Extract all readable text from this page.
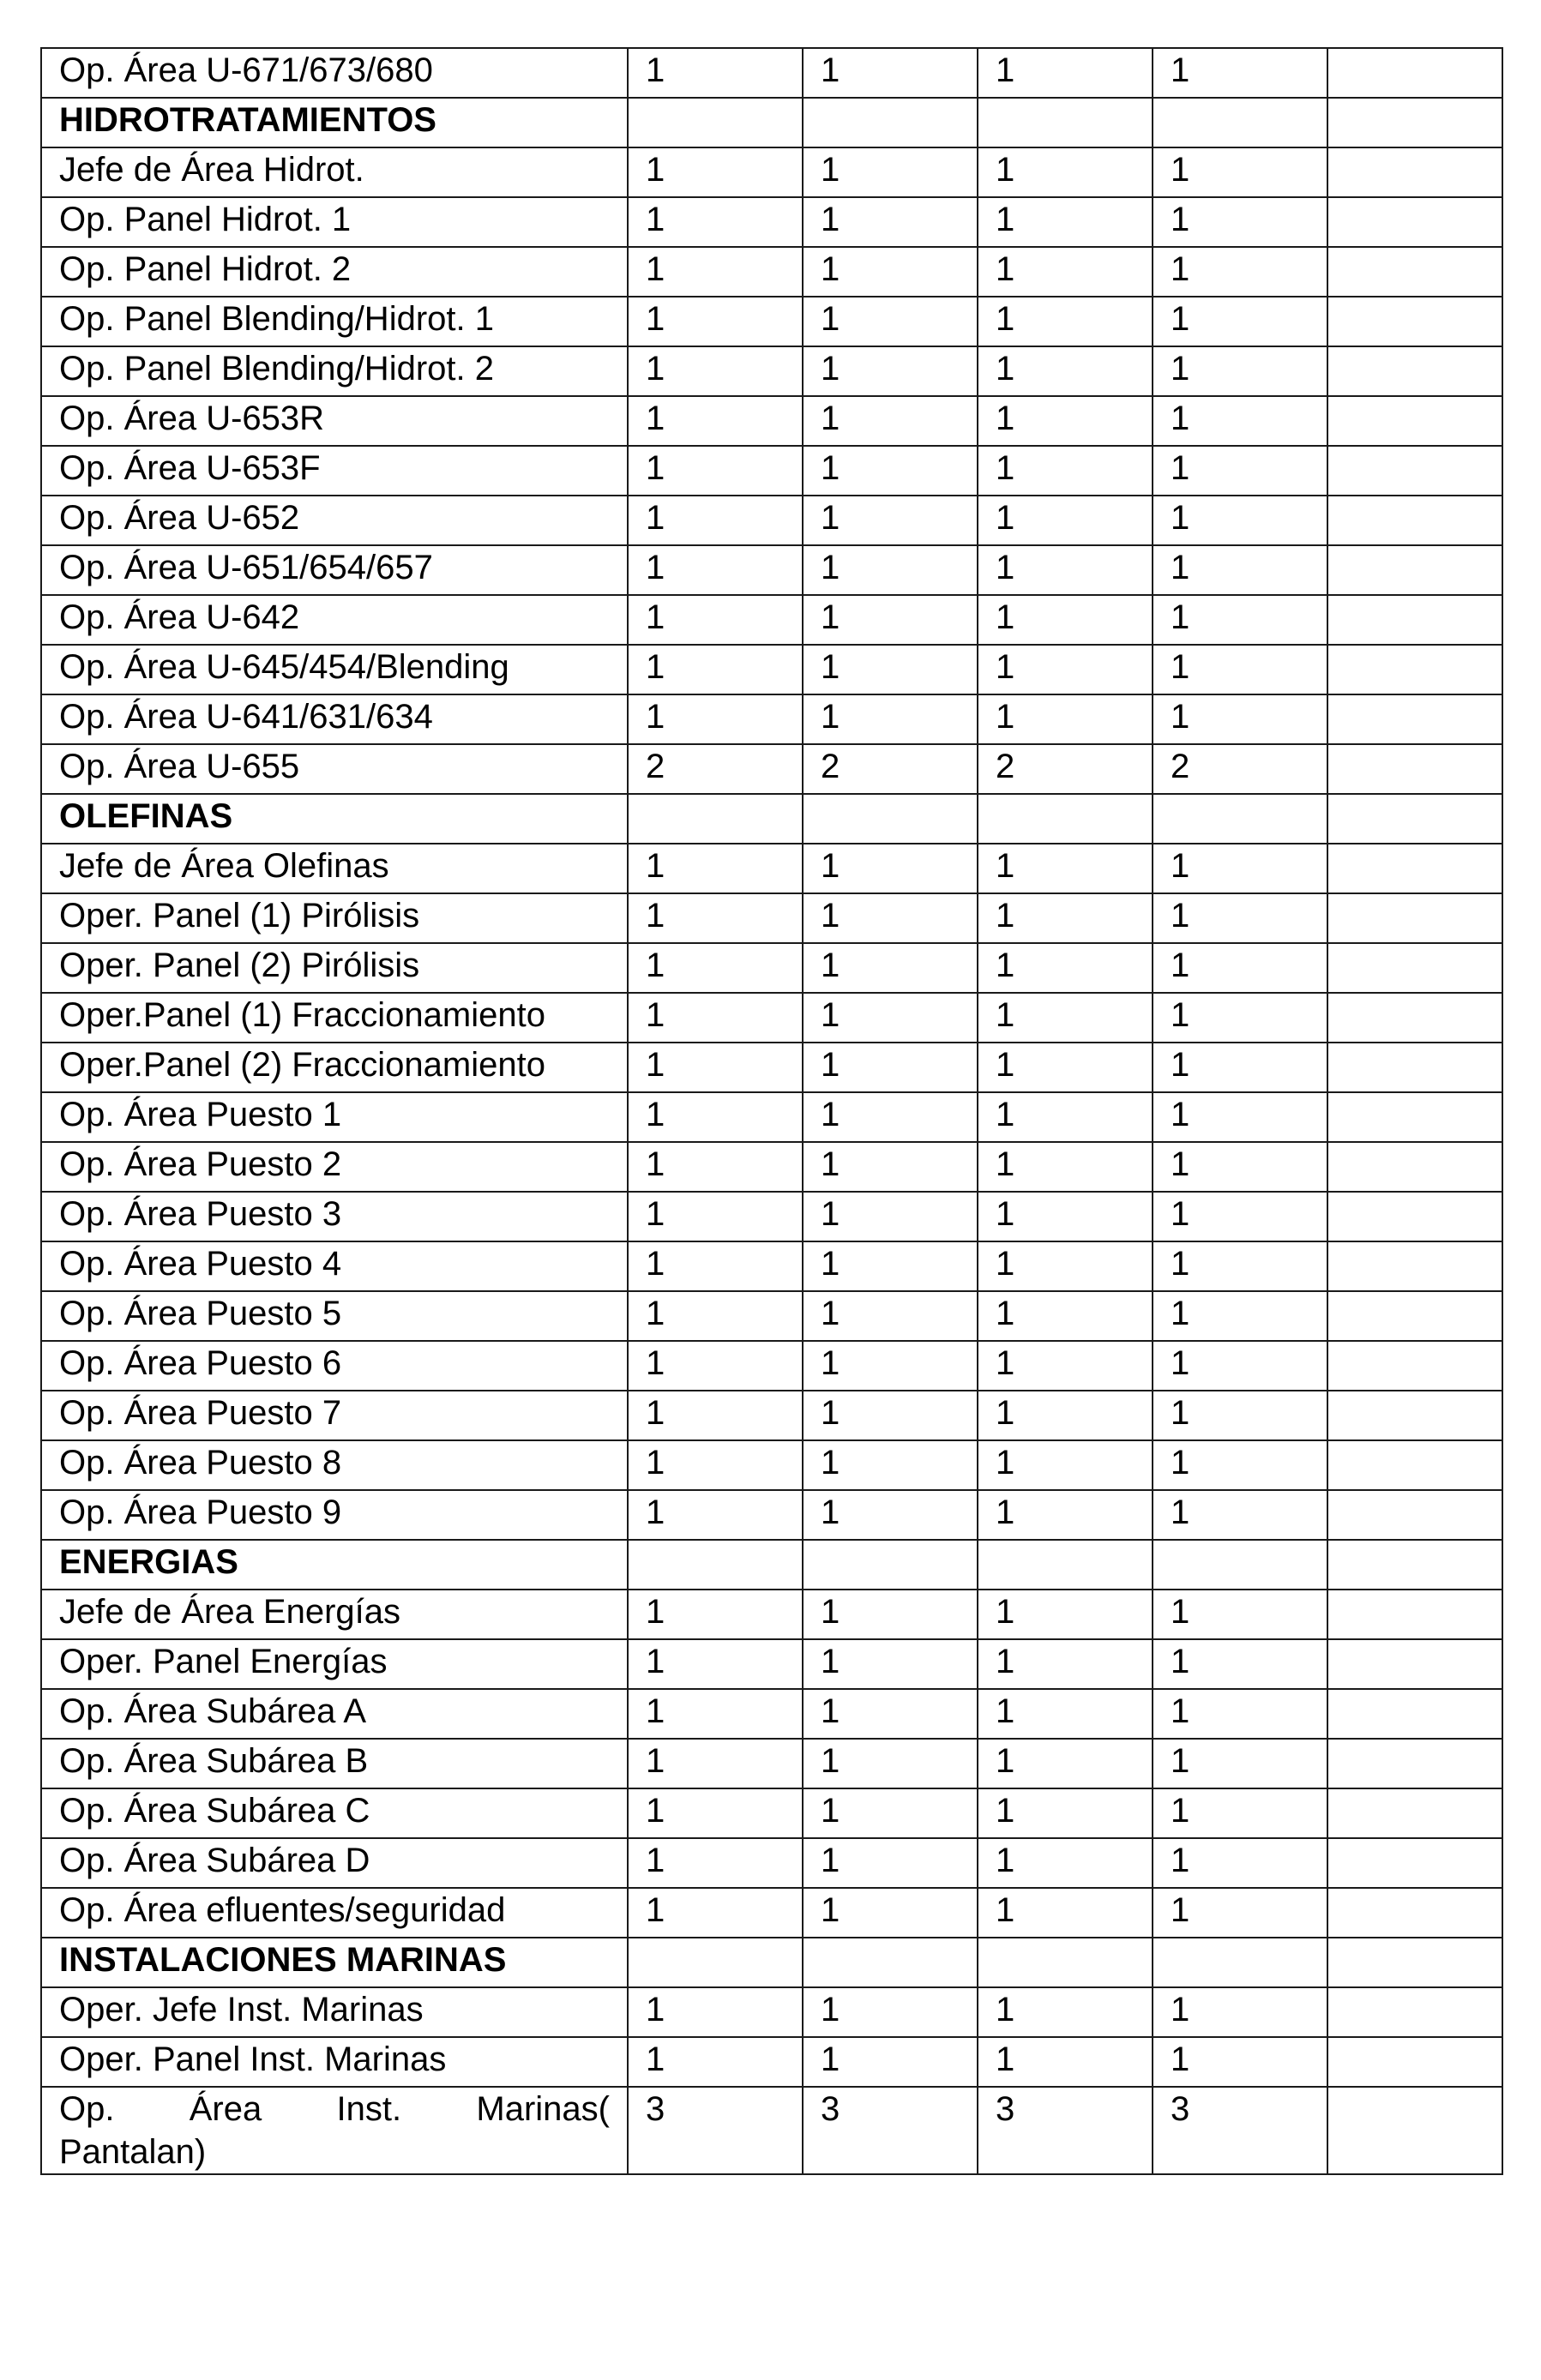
Op. Área U-671/673/680	1	1	1	1	
HIDROTRATAMIENTOS					
Jefe de Área Hidrot.	1	1	1	1	
Op. Panel Hidrot. 1	1	1	1	1	
Op. Panel Hidrot. 2	1	1	1	1	
Op. Panel Blending/Hidrot. 1	1	1	1	1	
Op. Panel Blending/Hidrot. 2	1	1	1	1	
Op. Área U-653R	1	1	1	1	
Op. Área U-653F	1	1	1	1	
Op. Área U-652	1	1	1	1	
Op. Área U-651/654/657	1	1	1	1	
Op. Área U-642	1	1	1	1	
Op. Área U-645/454/Blending	1	1	1	1	
Op. Área U-641/631/634	1	1	1	1	
Op. Área U-655	2	2	2	2	
OLEFINAS					
Jefe de Área Olefinas	1	1	1	1	
Oper. Panel (1) Pirólisis	1	1	1	1	
Oper. Panel (2) Pirólisis	1	1	1	1	
Oper.Panel (1) Fraccionamiento	1	1	1	1	
Oper.Panel (2) Fraccionamiento	1	1	1	1	
Op. Área Puesto 1	1	1	1	1	
Op. Área Puesto 2	1	1	1	1	
Op. Área Puesto 3	1	1	1	1	
Op. Área Puesto 4	1	1	1	1	
Op. Área Puesto 5	1	1	1	1	
Op. Área Puesto 6	1	1	1	1	
Op. Área Puesto 7	1	1	1	1	
Op. Área Puesto 8	1	1	1	1	
Op. Área Puesto 9	1	1	1	1	
ENERGIAS					
Jefe de Área Energías	1	1	1	1	
Oper. Panel Energías	1	1	1	1	
Op. Área Subárea A	1	1	1	1	
Op. Área Subárea B	1	1	1	1	
Op. Área Subárea C	1	1	1	1	
Op. Área Subárea D	1	1	1	1	
Op. Área efluentes/seguridad	1	1	1	1	
INSTALACIONES MARINAS					
Oper. Jefe Inst. Marinas	1	1	1	1	
Oper. Panel Inst. Marinas	1	1	1	1	

Op. Área Inst. Marinas(
Pantalan)	3	3	3	3	
